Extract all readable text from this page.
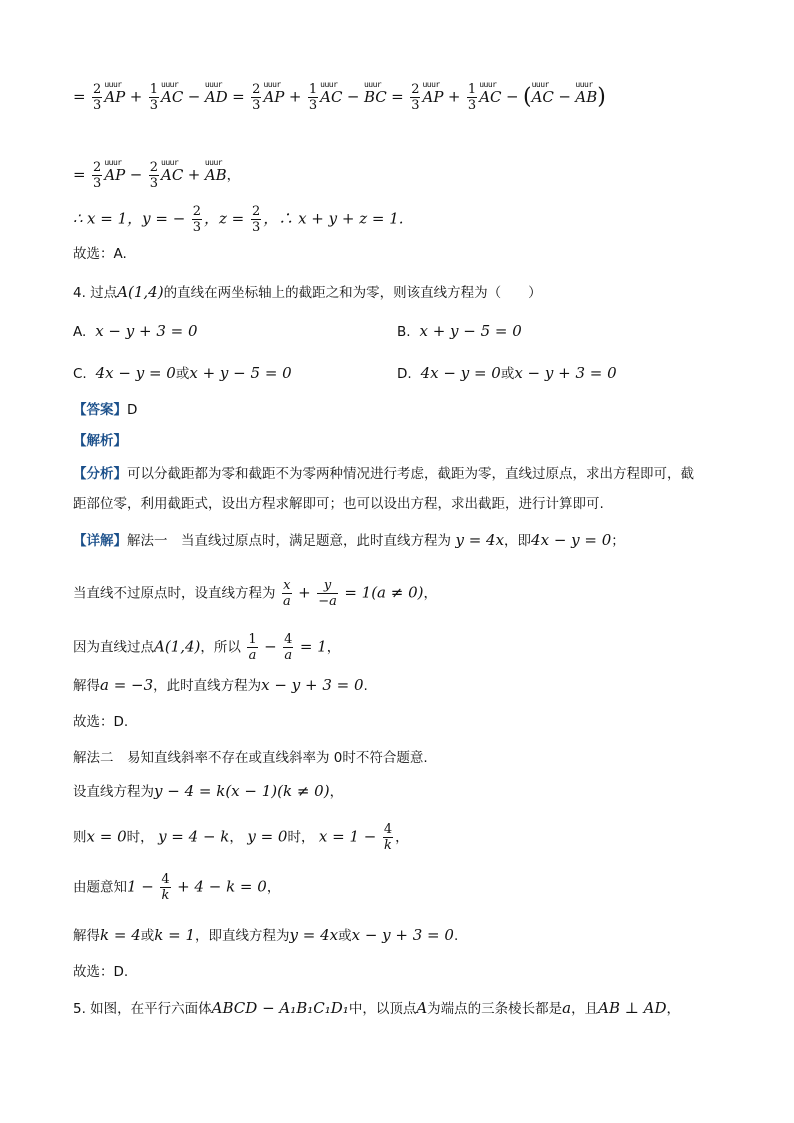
= $\frac{2}{3}$ uuur AP + $\frac{1}{3}$ uuur AC − uuur AD = $\frac{2}{3}$ uuur AP + $\frac{1}{3}$ uuur AC − uuur BC = $\frac{2}{3}$ uuur AP + $\frac{1}{3}$ uuur AC − (uuur AC − uuur AB)
= $\frac{2}{3}$ uuur AP − $\frac{2}{3}$ uuur AC + uuur AB，
∴ x = 1，y = − $\frac{2}{3}$ ，$z = \frac{2}{3}$ ，∴ x + y + z = 1.
故选：A.
4. 过点A(1,4)的直线在两坐标轴上的截距之和为零，则该直线方程为（　　）
A. x − y + 3 = 0	B. x + y − 5 = 0
C. 4x − y = 0或x + y − 5 = 0	D. 4x − y = 0或x − y + 3 = 0
【答案】D
【解析】
【分析】可以分截距都为零和截距不为零两种情况进行考虑，截距为零，直线过原点，求出方程即可，截
距部位零，利用截距式，设出方程求解即可；也可以设出方程，求出截距，进行计算即可.
【详解】解法一　当直线过原点时，满足题意，此时直线方程为 y = 4x，即4x − y = 0；
当直线不过原点时，设直线方程为 $\frac{x}{a} + \frac{y}{-a} = 1(a \ne 0)$，
因为直线过点A(1,4)，所以 $\frac{1}{a} - \frac{4}{a} = 1$，
解得a = −3，此时直线方程为x − y + 3 = 0.
故选：D.
解法二　易知直线斜率不存在或直线斜率为 0时不符合题意.
设直线方程为y − 4 = k(x − 1)(k ≠ 0)，
则x = 0时， y = 4 − k， y = 0时， $x = 1 - \frac{4}{k}$ ，
由题意知$1 - \frac{4}{k} + 4 - k = 0$，
解得k = 4或k = 1，即直线方程为y = 4x或x − y + 3 = 0.
故选：D.
5. 如图，在平行六面体ABCD − A₁B₁C₁D₁中，以顶点A为端点的三条棱长都是a，且AB ⊥ AD，
